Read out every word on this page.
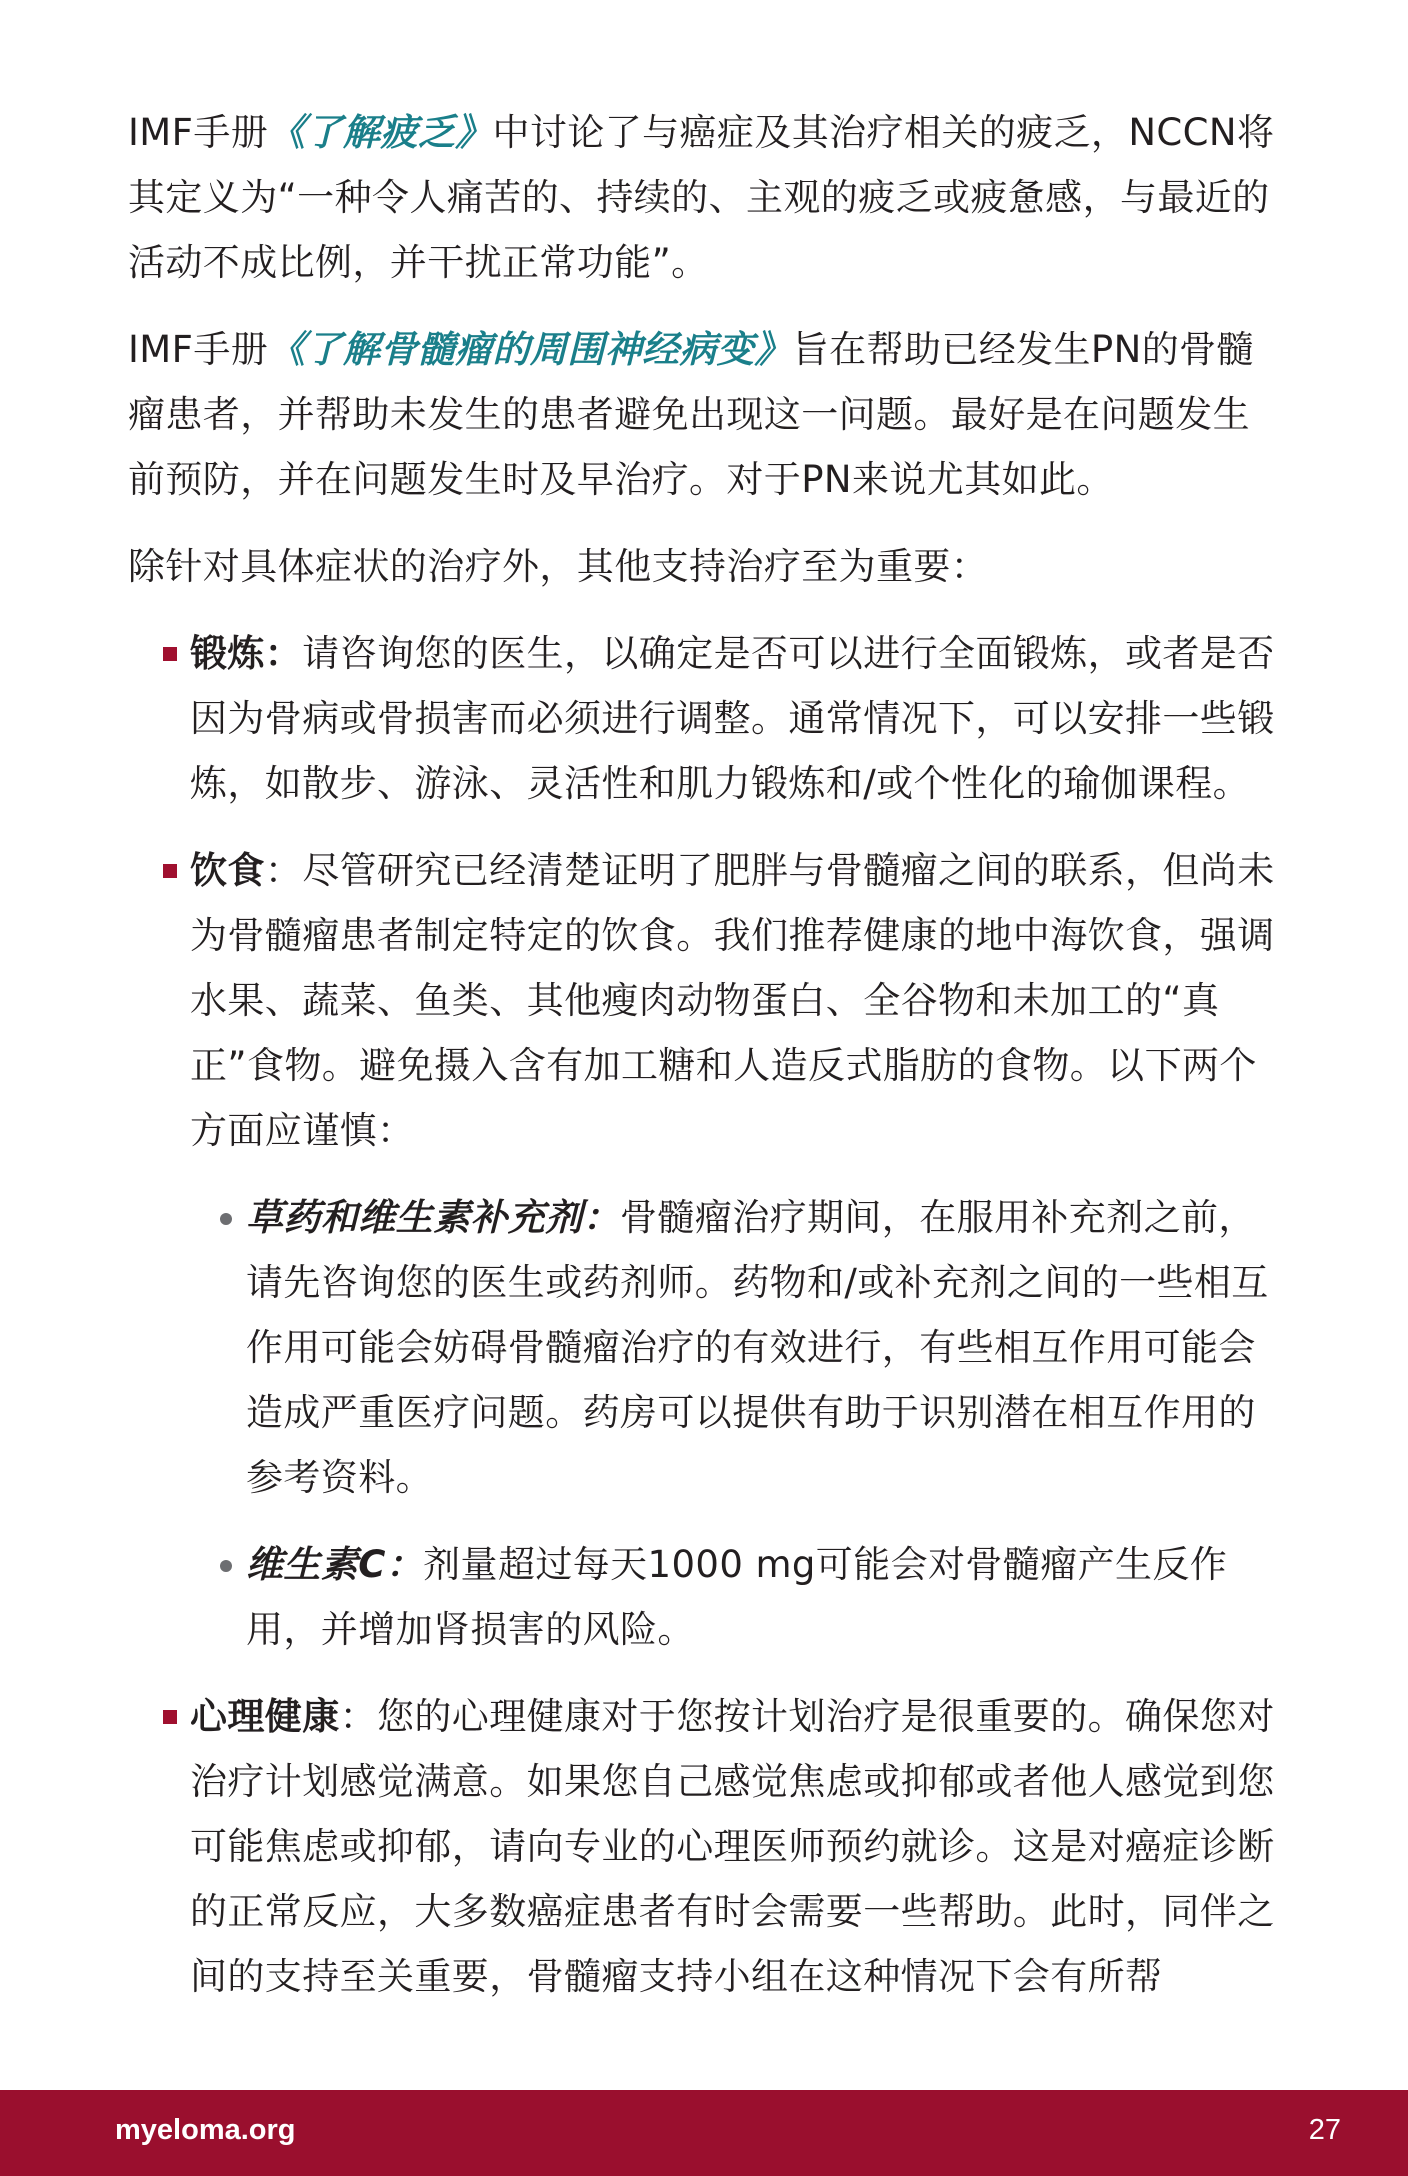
IMF手册《了解疲乏》中讨论了与癌症及其治疗相关的疲乏，NCCN将其定义为“一种令人痛苦的、持续的、主观的疲乏或疲惫感，与最近的活动不成比例，并干扰正常功能”。

IMF手册《了解骨髓瘤的周围神经病变》旨在帮助已经发生PN的骨髓瘤患者，并帮助未发生的患者避免出现这一问题。最好是在问题发生前预防，并在问题发生时及早治疗。对于PN来说尤其如此。

除针对具体症状的治疗外，其他支持治疗至为重要：

锻炼：请咨询您的医生，以确定是否可以进行全面锻炼，或者是否因为骨病或骨损害而必须进行调整。通常情况下，可以安排一些锻炼，如散步、游泳、灵活性和肌力锻炼和/或个性化的瑜伽课程。
饮食：尽管研究已经清楚证明了肥胖与骨髓瘤之间的联系，但尚未为骨髓瘤患者制定特定的饮食。我们推荐健康的地中海饮食，强调水果、蔬菜、鱼类、其他瘦肉动物蛋白、全谷物和未加工的“真正”食物。避免摄入含有加工糖和人造反式脂肪的食物。以下两个方面应谨慎：
草药和维生素补充剂：骨髓瘤治疗期间，在服用补充剂之前，请先咨询您的医生或药剂师。药物和/或补充剂之间的一些相互作用可能会妨碍骨髓瘤治疗的有效进行，有些相互作用可能会造成严重医疗问题。药房可以提供有助于识别潜在相互作用的参考资料。
维生素C：剂量超过每天1000 mg可能会对骨髓瘤产生反作用，并增加肾损害的风险。
心理健康：您的心理健康对于您按计划治疗是很重要的。确保您对治疗计划感觉满意。如果您自己感觉焦虑或抑郁或者他人感觉到您可能焦虑或抑郁，请向专业的心理医师预约就诊。这是对癌症诊断的正常反应，大多数癌症患者有时会需要一些帮助。此时，同伴之间的支持至关重要，骨髓瘤支持小组在这种情况下会有所帮
myeloma.org	27
